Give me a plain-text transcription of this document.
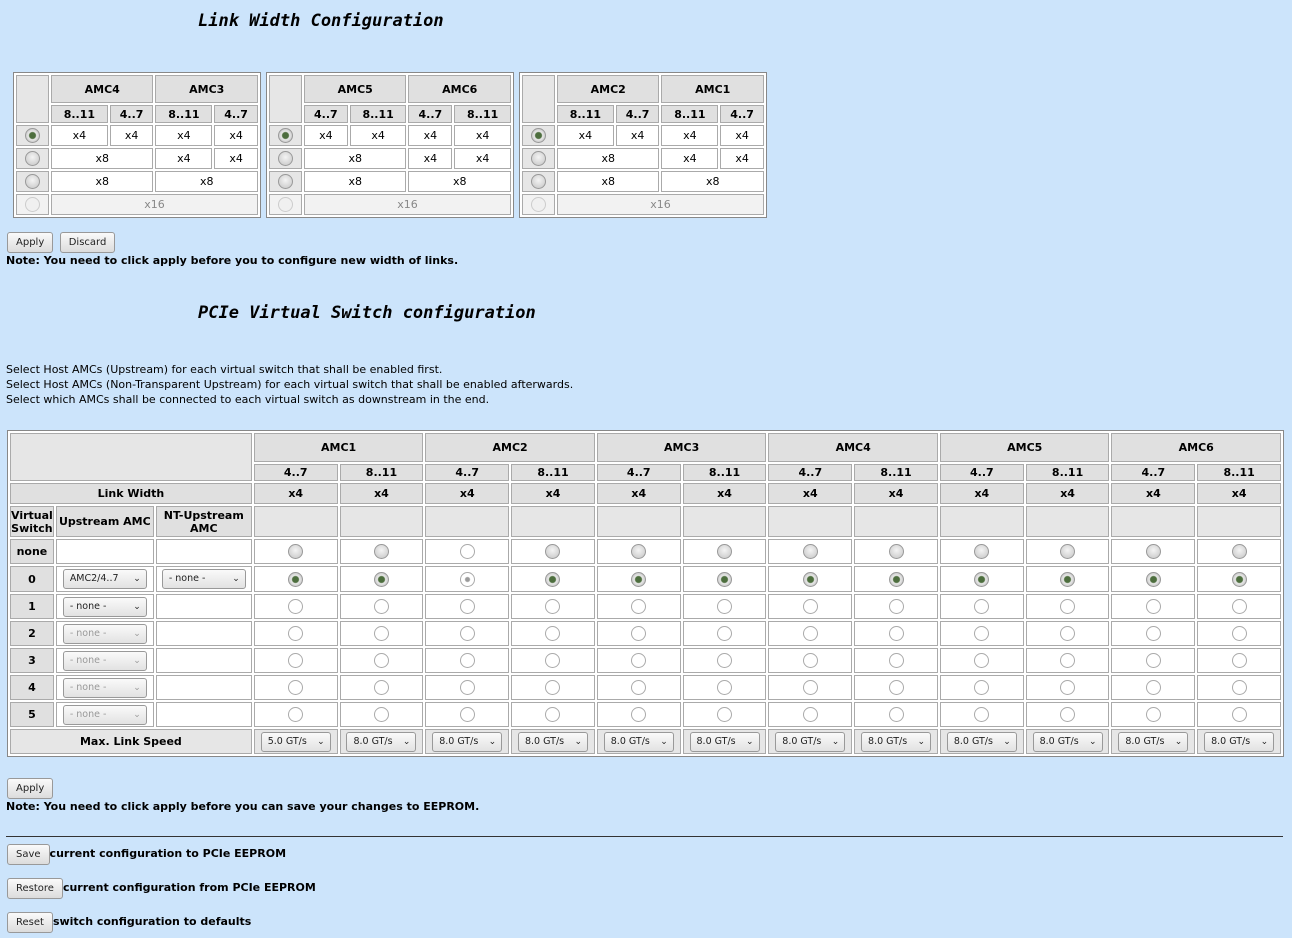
Link Width Configuration
	AMC4		AMC3	
	8..11	4..7	8..11	4..7
	x4	x4	x4	x4
	x8		x4	x4
	x8		x8	
	x16			
	AMC5		AMC6	
	4..7	8..11	4..7	8..11
	x4	x4	x4	x4
	x8		x4	x4
	x8		x8	
	x16			
	AMC2		AMC1	
	8..11	4..7	8..11	4..7
	x4	x4	x4	x4
	x8		x4	x4
	x8		x8	
	x16			
Apply Discard
Note: You need to click apply before you to configure new width of links.
PCIe Virtual Switch configuration
Select Host AMCs (Upstream) for each virtual switch that shall be enabled first.
Select Host AMCs (Non-Transparent Upstream) for each virtual switch that shall be enabled afterwards.
Select which AMCs shall be connected to each virtual switch as downstream in the end.
			AMC1		AMC2		AMC3		AMC4		AMC5		AMC6	
			4..7	8..11	4..7	8..11	4..7	8..11	4..7	8..11	4..7	8..11	4..7	8..11
Link Width			x4	x4	x4	x4	x4	x4	x4	x4	x4	x4	x4	x4
Virtual Switch	Upstream AMC	NT-Upstream AMC												
none														
0	AMC2/4..7 ⌄	- none - ⌄												

1	- none - ⌄													

2	- none - ⌄													

3	- none - ⌄													

4	- none - ⌄													

5	- none - ⌄													

Max. Link Speed			5.0 GT/s ⌄	8.0 GT/s ⌄	8.0 GT/s ⌄	8.0 GT/s ⌄	8.0 GT/s ⌄	8.0 GT/s ⌄	8.0 GT/s ⌄	8.0 GT/s ⌄	8.0 GT/s ⌄	8.0 GT/s ⌄	8.0 GT/s ⌄	8.0 GT/s ⌄
Apply
Note: You need to click apply before you can save your changes to EEPROM.
Save current configuration to PCIe EEPROM
Restore current configuration from PCIe EEPROM
Reset switch configuration to defaults
